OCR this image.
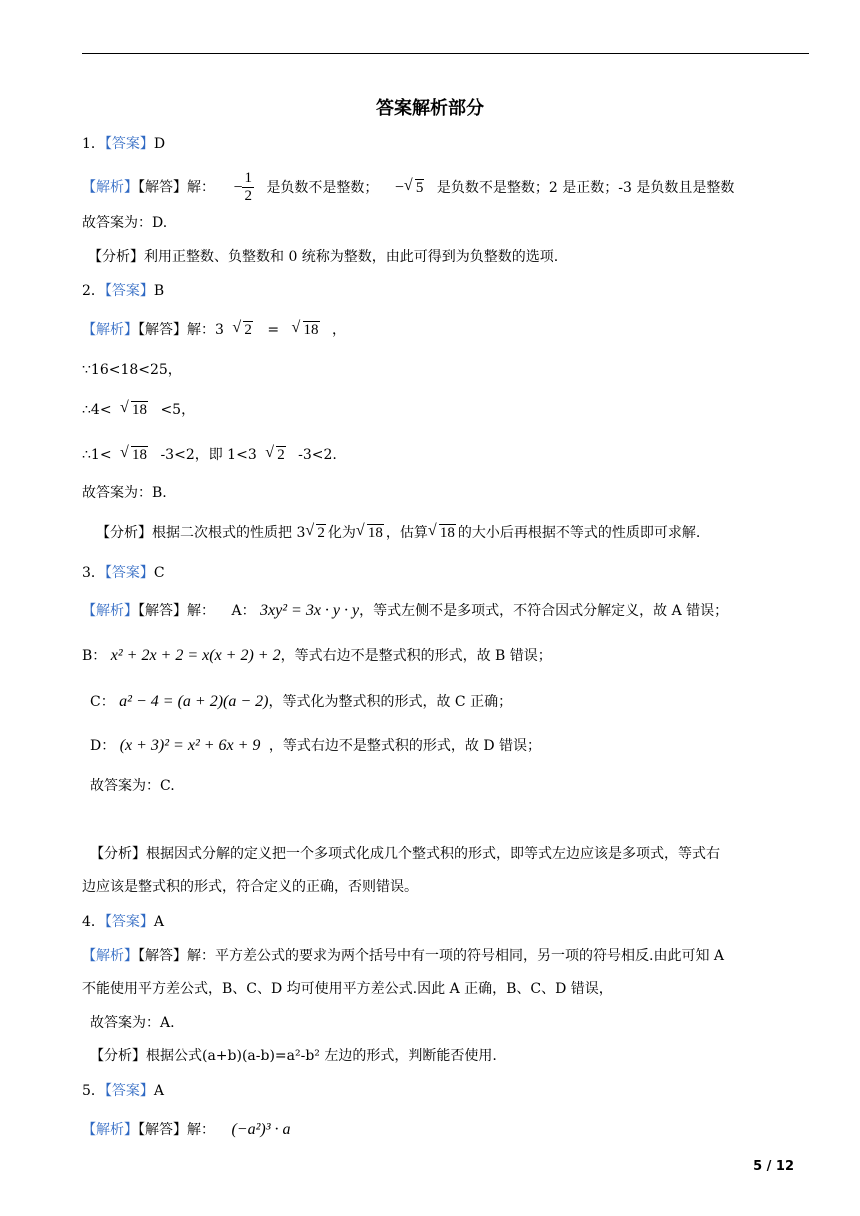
答案解析部分
1．【答案】D
【解析】【解答】解： − $\frac{1}{2}$ 是负数不是整数； − √ 5 是负数不是整数；2 是正数；-3 是负数且是整数
故答案为：D.
【分析】利用正整数、负整数和 0 统称为整数，由此可得到为负整数的选项.
2．【答案】B
【解析】【解答】解：3 √ 2 = √ 18 ，
∵16<18<25，
∴4< √ 18 <5，
∴1< √ 18 -3<2，即 1<3 √ 2 -3<2.
故答案为：B.
【分析】根据二次根式的性质把 3 √ 2 化为 √ 18 ，估算 √ 18 的大小后再根据不等式的性质即可求解.
3．【答案】C
【解析】【解答】解： A： 3xy² = 3x · y · y，等式左侧不是多项式，不符合因式分解定义，故 A 错误；
B： x² + 2x + 2 = x(x + 2) + 2，等式右边不是整式积的形式，故 B 错误；
C： a² − 4 = (a + 2)(a − 2)，等式化为整式积的形式，故 C 正确；
D： (x + 3)² = x² + 6x + 9 ，等式右边不是整式积的形式，故 D 错误；
故答案为：C.
【分析】根据因式分解的定义把一个多项式化成几个整式积的形式，即等式左边应该是多项式，等式右
边应该是整式积的形式，符合定义的正确，否则错误。
4．【答案】A
【解析】【解答】解：平方差公式的要求为两个括号中有一项的符号相同，另一项的符号相反.由此可知 A
不能使用平方差公式，B、C、D 均可使用平方差公式.因此 A 正确，B、C、D 错误，
故答案为：A.
【分析】根据公式(a+b)(a-b)=a²-b² 左边的形式，判断能否使用.
5．【答案】A
【解析】【解答】解： (−a²)³ · a
5 / 12
